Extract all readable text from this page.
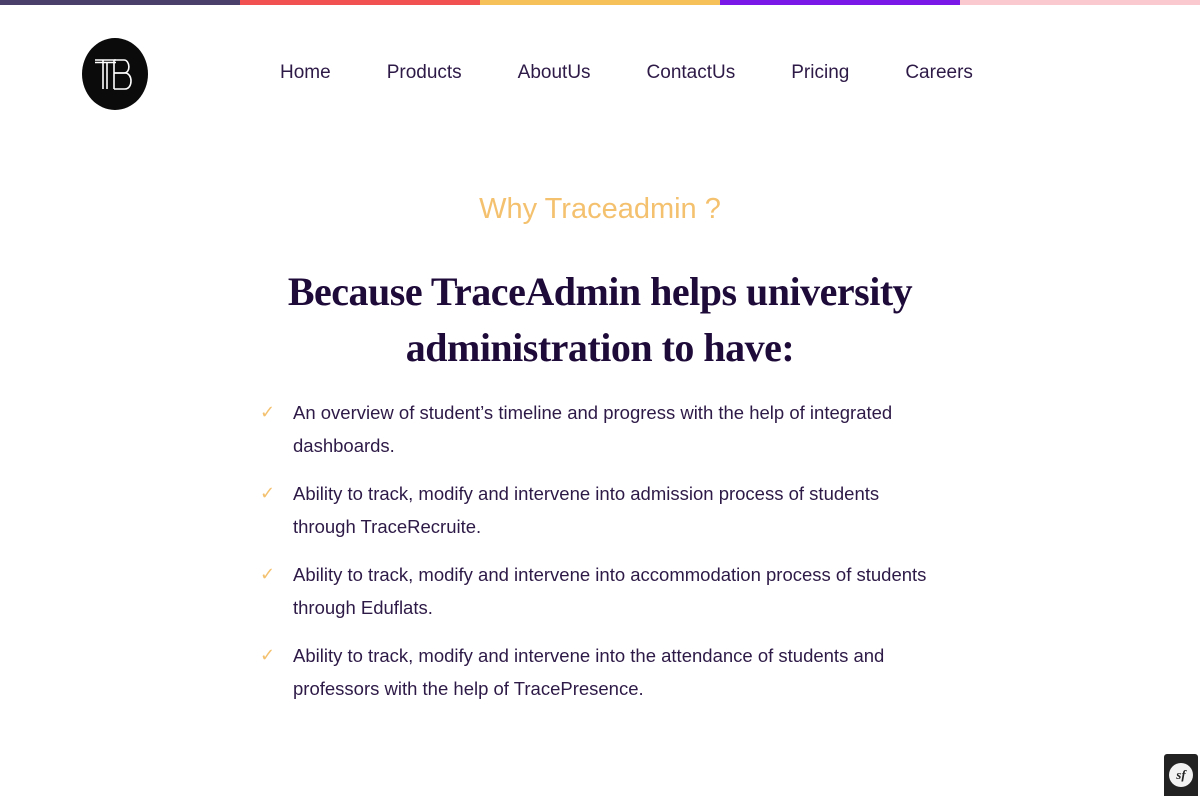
Home	Products	AboutUs	ContactUs	Pricing	Careers
Why Traceadmin ?
Because TraceAdmin helps university
administration to have:
✓ An overview of student’s timeline and progress with the help of integrated dashboards.
✓ Ability to track, modify and intervene into admission process of students through TraceRecruite.
✓ Ability to track, modify and intervene into accommodation process of students through Eduflats.
✓ Ability to track, modify and intervene into the attendance of students and professors with the help of TracePresence.
sf
